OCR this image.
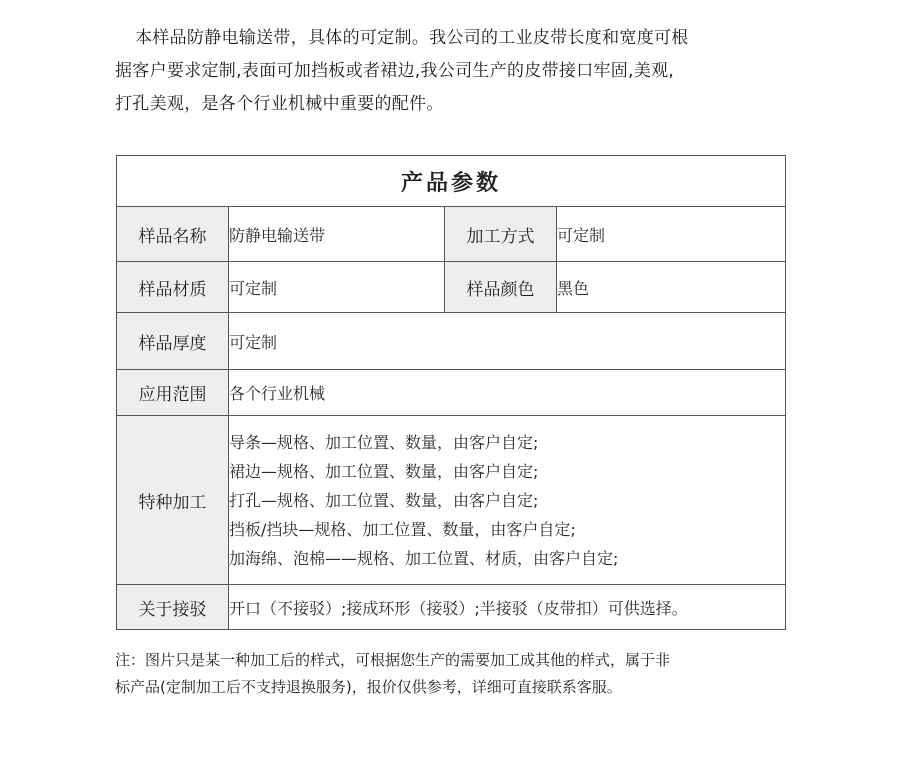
本样品防静电输送带，具体的可定制。我公司的工业皮带长度和宽度可根
据客户要求定制,表面可加挡板或者裙边,我公司生产的皮带接口牢固,美观,
打孔美观，是各个行业机械中重要的配件。
产品参数			
样品名称	防静电输送带	加工方式	可定制
样品材质	可定制	样品颜色	黑色
样品厚度	可定制		
应用范围	各个行业机械		
特种加工	导条—规格、加工位置、数量，由客户自定;
裙边—规格、加工位置、数量，由客户自定;
打孔—规格、加工位置、数量，由客户自定;
挡板/挡块—规格、加工位置、数量，由客户自定;
加海绵、泡棉——规格、加工位置、材质，由客户自定;		

关于接驳	开口（不接驳）;接成环形（接驳）;半接驳（皮带扣）可供选择。		
注：图片只是某一种加工后的样式，可根据您生产的需要加工成其他的样式，属于非
标产品(定制加工后不支持退换服务)，报价仅供参考，详细可直接联系客服。
